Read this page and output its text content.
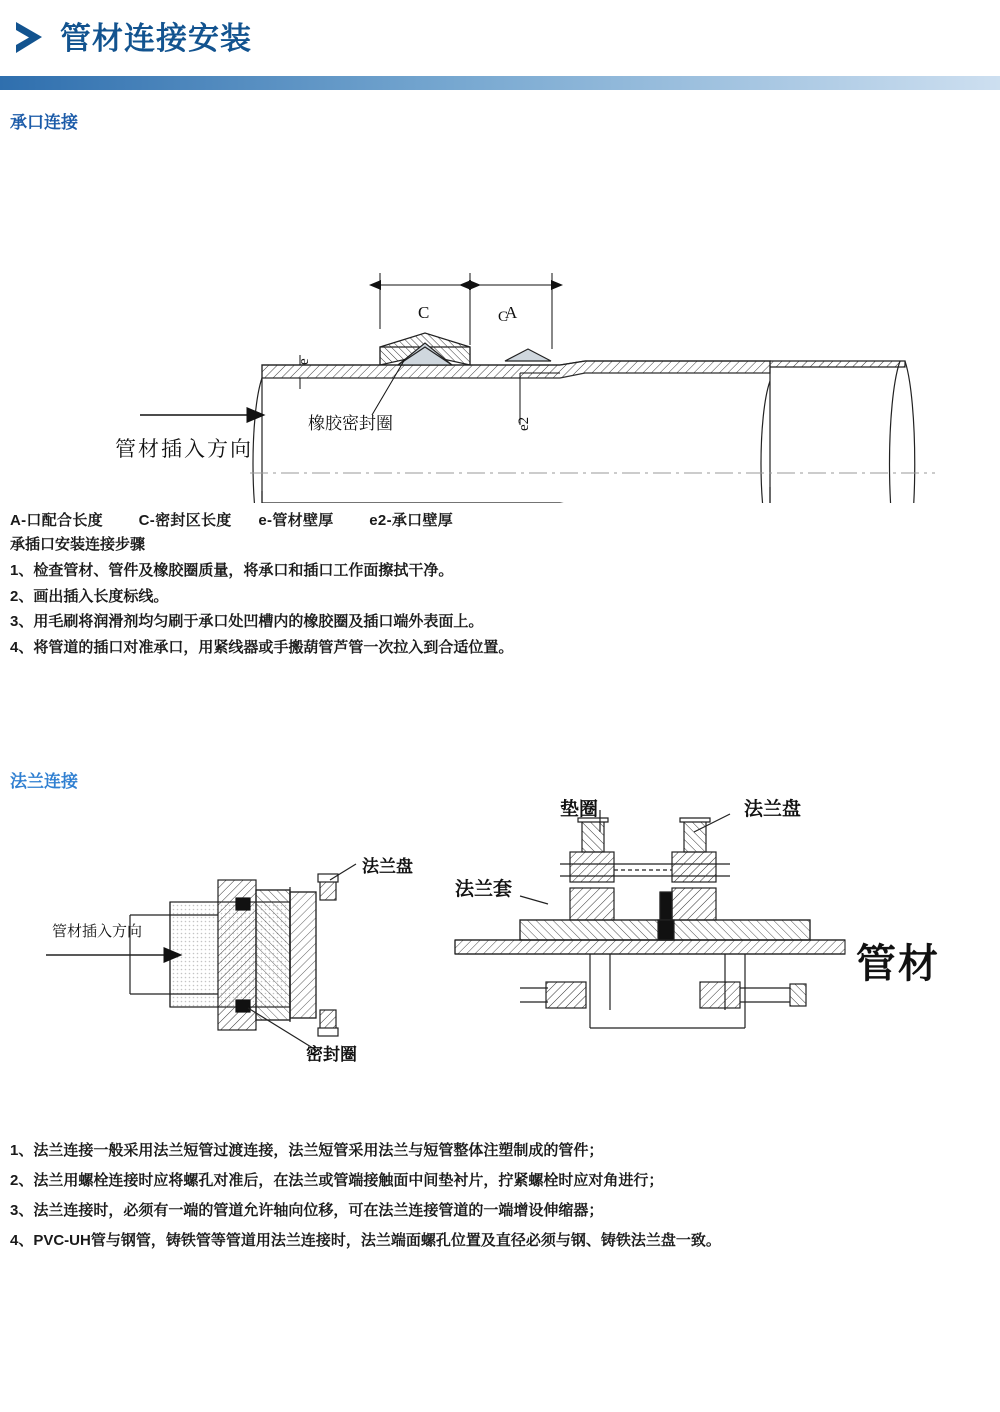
管材连接安装
承口连接
C
C	A
e
e2
橡胶密封圈
管材插入方向
A-口配合长度        C-密封区长度      e-管材壁厚        e2-承口壁厚
承插口安装连接步骤
1、检查管材、管件及橡胶圈质量，将承口和插口工作面擦拭干净。
2、画出插入长度标线。
3、用毛刷将润滑剂均匀刷于承口处凹槽内的橡胶圈及插口端外表面上。
4、将管道的插口对准承口，用紧线器或手搬葫管芦管一次拉入到合适位置。
法兰连接
管材插入方向
法兰盘
密封圈
垫圈	法兰盘
法兰套
管材
1、法兰连接一般采用法兰短管过渡连接，法兰短管采用法兰与短管整体注塑制成的管件；
2、法兰用螺栓连接时应将螺孔对准后，在法兰或管端接触面中间垫衬片，拧紧螺栓时应对角进行；
3、法兰连接时，必须有一端的管道允许轴向位移，可在法兰连接管道的一端增设伸缩器；
4、PVC-UH管与钢管，铸铁管等管道用法兰连接时，法兰端面螺孔位置及直径必须与钢、铸铁法兰盘一致。
